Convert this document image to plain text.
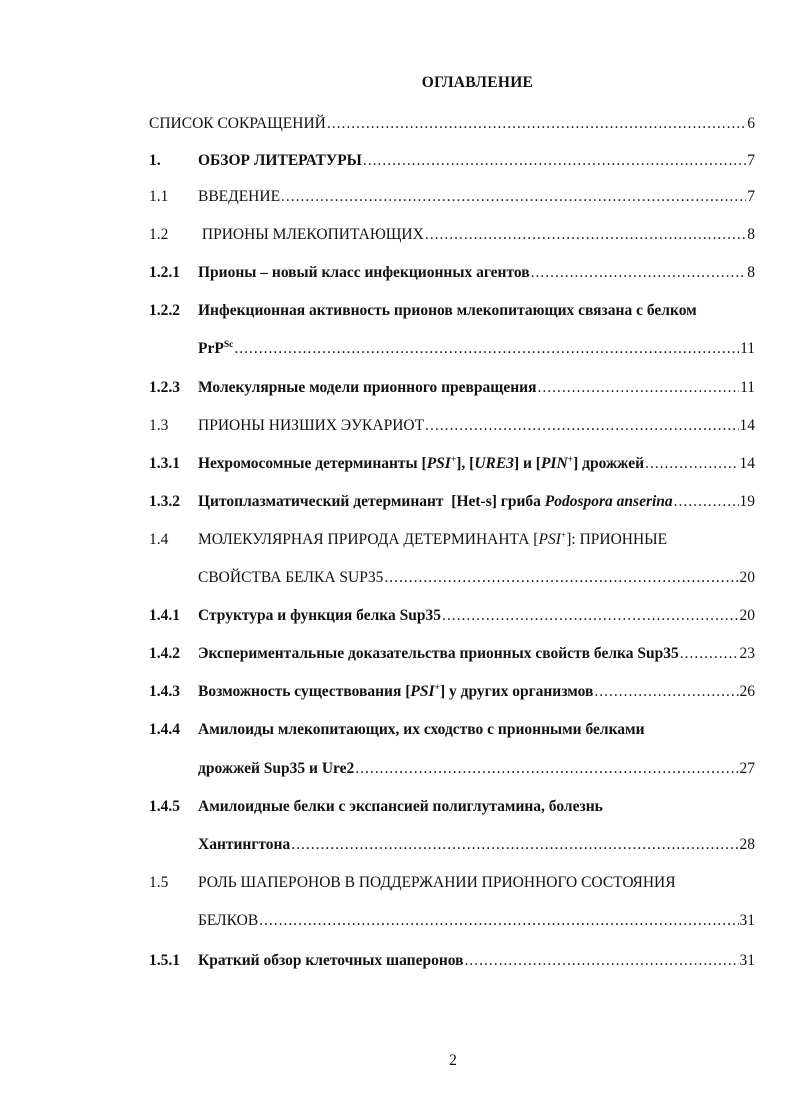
ОГЛАВЛЕНИЕ
СПИСОК СОКРАЩЕНИЙ .....	6
1. ОБЗОР ЛИТЕРАТУРЫ .....	7
1.1 ВВЕДЕНИЕ .....	7
1.2 ПРИОНЫ МЛЕКОПИТАЮЩИХ .....	8
1.2.1 Прионы – новый класс инфекционных агентов .....	8
1.2.2 Инфекционная активность прионов млекопитающих связана с белком
PrP$^{Sc}$ .....	11
1.2.3 Молекулярные модели прионного превращения .....	11
1.3 ПРИОНЫ НИЗШИХ ЭУКАРИОТ .....	14
1.3.1 Нехромосомные детерминанты [PSI+], [URE3] и [PIN+] дрожжей .....	14
1.3.2 Цитоплазматический детерминант  [Het-s] гриба Podospora anserina .....	19
1.4 МОЛЕКУЛЯРНАЯ ПРИРОДА ДЕТЕРМИНАНТА [PSI+]: ПРИОННЫЕ
СВОЙСТВА БЕЛКА SUP35 .....	20
1.4.1 Структура и функция белка Sup35 .....	20
1.4.2 Экспериментальные доказательства прионных свойств белка Sup35 .....	23
1.4.3 Возможность существования [PSI+] у других организмов .....	26
1.4.4 Амилоиды млекопитающих, их сходство с прионными белками
дрожжей Sup35 и Ure2 .....	27
1.4.5 Амилоидные белки с экспансией полиглутамина, болезнь
Хантингтона .....	28
1.5 РОЛЬ ШАПЕРОНОВ В ПОДДЕРЖАНИИ ПРИОННОГО СОСТОЯНИЯ
БЕЛКОВ .....	31
1.5.1 Краткий обзор клеточных шаперонов .....	31
2
